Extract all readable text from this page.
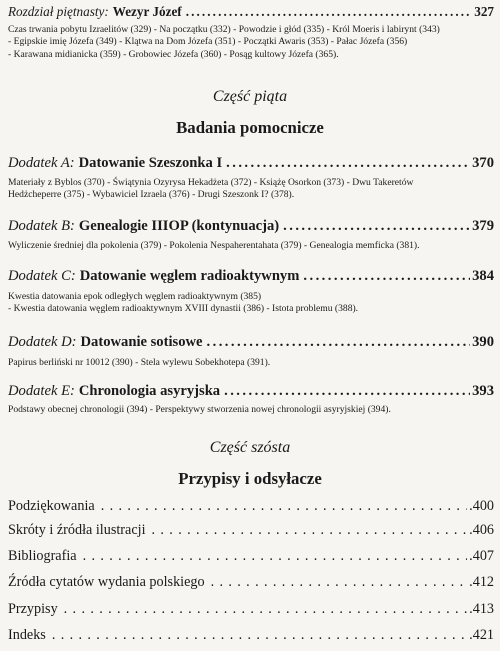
Rozdział piętnasty: Wezyr Józef . . .	327
Czas trwania pobytu Izraelitów (329) - Na początku (332) - Powodzie i głód (335) - Król Moeris i labirynt (343)
- Egipskie imię Józefa (349) - Klątwa na Dom Józefa (351) - Początki Awaris (353) - Pałac Józefa (356)
- Karawana midianicka (359) - Grobowiec Józefa (360) - Posąg kultowy Józefa (365).
Część piąta
Badania pomocnicze
Dodatek A: Datowanie Szeszonka I . . .	370
Materiały z Byblos (370) - Świątynia Ozyrysa Hekadżeta (372) - Książę Osorkon (373) - Dwu Takeretów
Hedżcheperre (375) - Wybawiciel Izraela (376) - Drugi Szeszonk I? (378).
Dodatek B: Genealogie IIIOP (kontynuacja) . . .	379
Wyliczenie średniej dla pokolenia (379) - Pokolenia Nespaherentahata (379) - Genealogia memficka (381).
Dodatek C: Datowanie węglem radioaktywnym . . .	384
Kwestia datowania epok odległych węglem radioaktywnym (385)
- Kwestia datowania węglem radioaktywnym XVIII dynastii (386) - Istota problemu (388).
Dodatek D: Datowanie sotisowe . . .	390
Papirus berliński nr 10012 (390) - Stela wylewu Sobekhotepa (391).
Dodatek E: Chronologia asyryjska . . .	393
Podstawy obecnej chronologii (394) - Perspektywy stworzenia nowej chronologii asyryjskiej (394).
Część szósta
Przypisy i odsyłacze
Podziękowania . . .	.400
Skróty i źródła ilustracji . . .	.406
Bibliografia . . .	.407
Źródła cytatów wydania polskiego . . .	.412
Przypisy . . .	.413
Indeks . . .	.421
